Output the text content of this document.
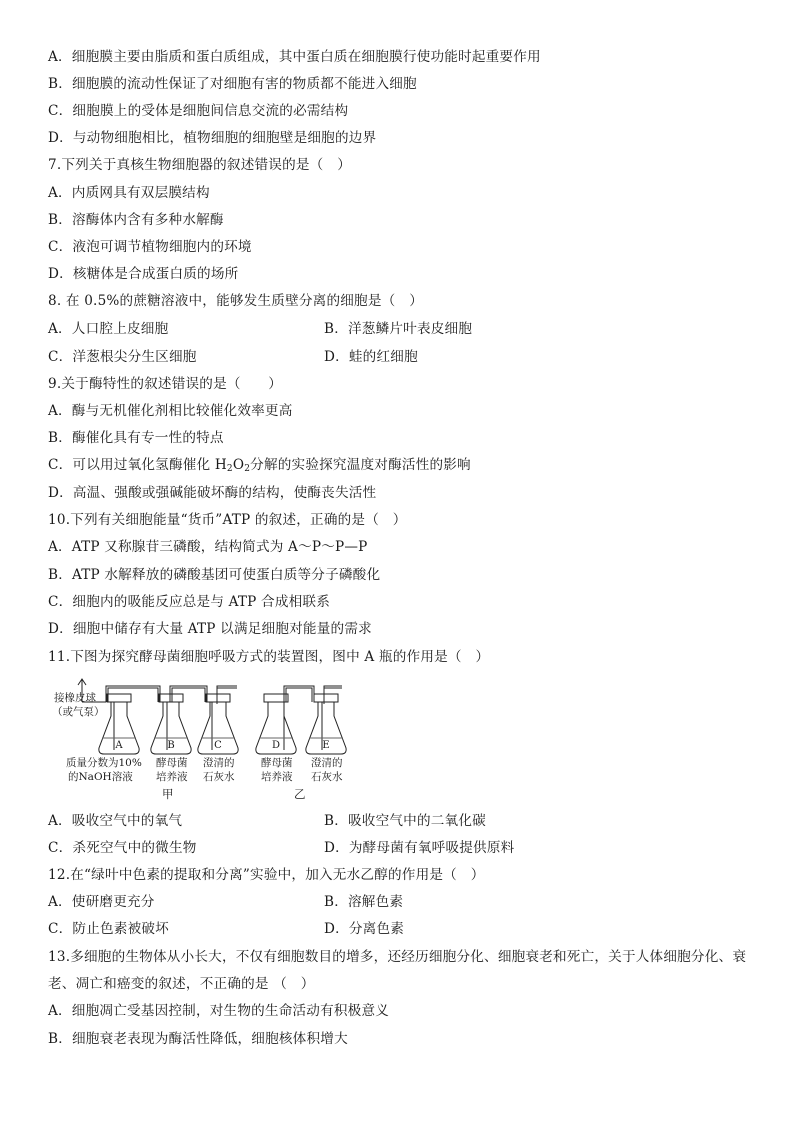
A．细胞膜主要由脂质和蛋白质组成，其中蛋白质在细胞膜行使功能时起重要作用
B．细胞膜的流动性保证了对细胞有害的物质都不能进入细胞
C．细胞膜上的受体是细胞间信息交流的必需结构
D．与动物细胞相比，植物细胞的细胞壁是细胞的边界
7.下列关于真核生物细胞器的叙述错误的是（　）
A．内质网具有双层膜结构
B．溶酶体内含有多种水解酶
C．液泡可调节植物细胞内的环境
D．核糖体是合成蛋白质的场所
8. 在 0.5%的蔗糖溶液中，能够发生质壁分离的细胞是（　）
A．人口腔上皮细胞	B．洋葱鳞片叶表皮细胞
C．洋葱根尖分生区细胞	D．蛙的红细胞
9.关于酶特性的叙述错误的是（　　）
A．酶与无机催化剂相比较催化效率更高
B．酶催化具有专一性的特点
C．可以用过氧化氢酶催化 $H_2O_2$分解的实验探究温度对酶活性的影响
D．高温、强酸或强碱能破坏酶的结构，使酶丧失活性
10.下列有关细胞能量“货币”ATP 的叙述，正确的是（　）
A．ATP 又称腺苷三磷酸，结构简式为 A～P～P—P
B．ATP 水解释放的磷酸基团可使蛋白质等分子磷酸化
C．细胞内的吸能反应总是与 ATP 合成相联系
D．细胞中储存有大量 ATP 以满足细胞对能量的需求
11.下图为探究酵母菌细胞呼吸方式的装置图，图中 A 瓶的作用是（　）
接橡皮球
（或气泵）
A	B	C	D	E
质量分数为10%
的NaOH溶液
酵母菌
培养液
澄清的
石灰水
酵母菌
培养液
澄清的
石灰水
甲	乙
A．吸收空气中的氧气	B．吸收空气中的二氧化碳
C．杀死空气中的微生物	D．为酵母菌有氧呼吸提供原料
12.在“绿叶中色素的提取和分离”实验中，加入无水乙醇的作用是（　）
A．使研磨更充分	B．溶解色素
C．防止色素被破坏	D．分离色素
13.多细胞的生物体从小长大，不仅有细胞数目的增多，还经历细胞分化、细胞衰老和死亡，关于人体细胞分化、衰
老、凋亡和癌变的叙述，不正确的是 （　）
A．细胞凋亡受基因控制，对生物的生命活动有积极意义
B．细胞衰老表现为酶活性降低，细胞核体积增大
